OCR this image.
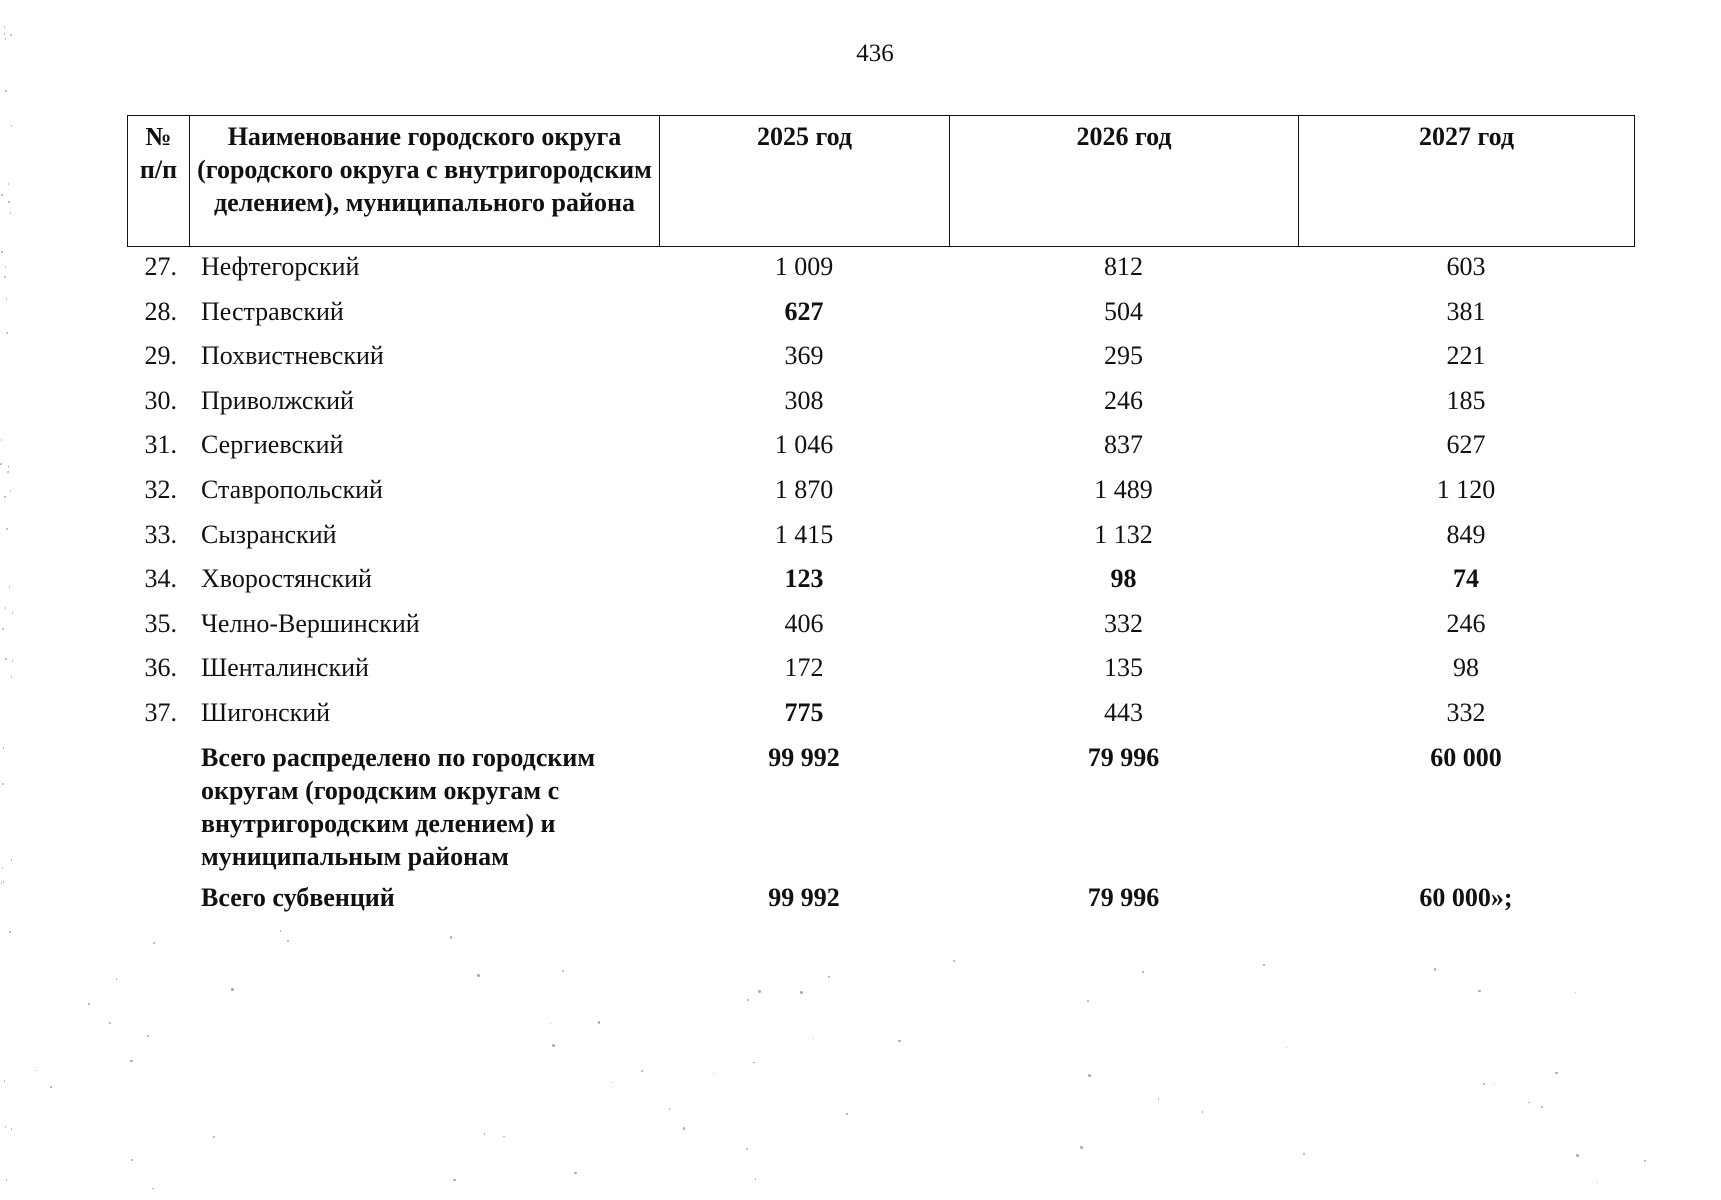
436
№ п/п	Наименование городского округа (городского округа с внутригородским делением), муниципального района	2025 год	2026 год	2027 год
27.	Нефтегорский	1 009	812	603
28.	Пестравский	627	504	381
29.	Похвистневский	369	295	221
30.	Приволжский	308	246	185
31.	Сергиевский	1 046	837	627
32.	Ставропольский	1 870	1 489	1 120
33.	Сызранский	1 415	1 132	849
34.	Хворостянский	123	98	74
35.	Челно-Вершинский	406	332	246
36.	Шенталинский	172	135	98
37.	Шигонский	775	443	332
	Всего распределено по городским округам (городским округам с внутригородским делением) и муниципальным районам	99 992	79 996	60 000
	Всего субвенций	99 992	79 996	60 000»;
